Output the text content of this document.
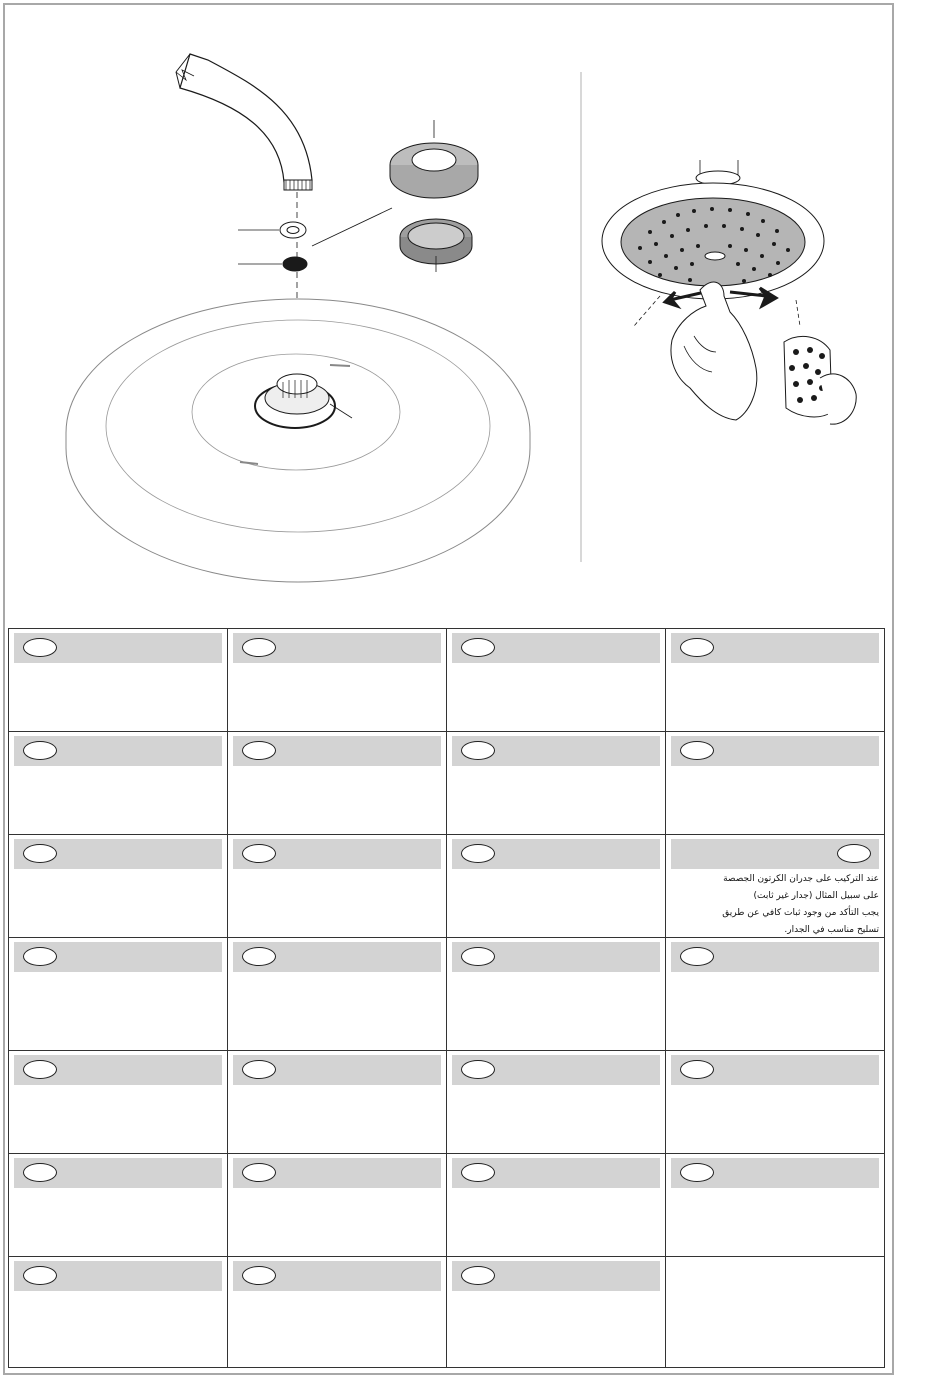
عند التركيب على جدران الكرتون الجصصة
على سبيل المثال (جدار غير ثابت)
يجب التأكد من وجود ثبات كافي عن طريق
تسليح مناسب في الجدار.
